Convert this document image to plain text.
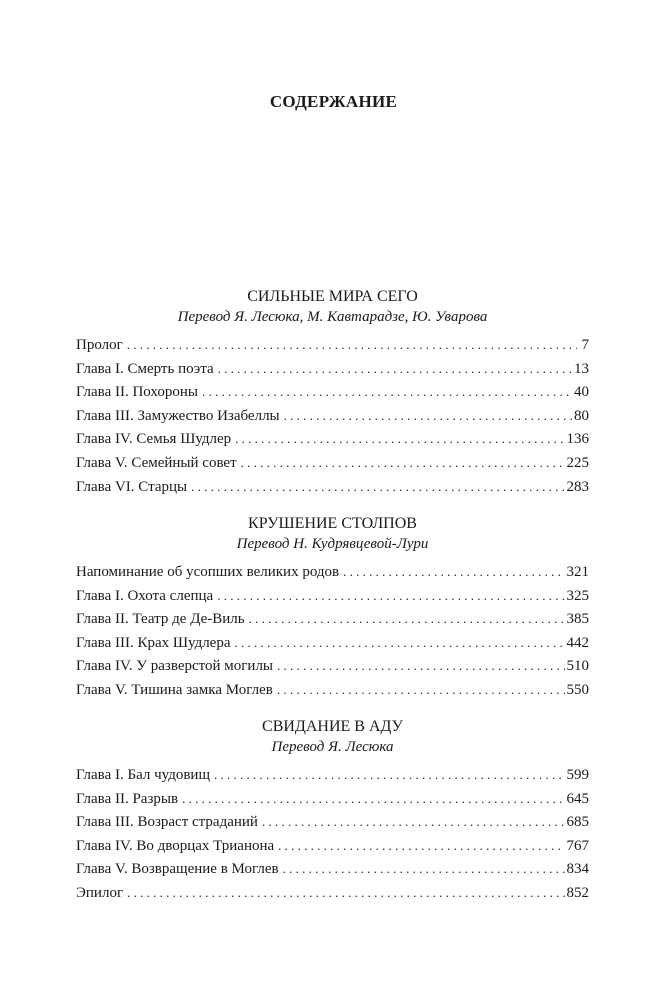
СОДЕРЖАНИЕ
СИЛЬНЫЕ МИРА СЕГО
Перевод Я. Лесюка, М. Кавтарадзе, Ю. Уварова
Пролог . . .	7
Глава I. Смерть поэта . . .	13
Глава II. Похороны . . .	40
Глава III. Замужество Изабеллы . . .	80
Глава IV. Семья Шудлер . . .	136
Глава V. Семейный совет . . .	225
Глава VI. Старцы . . .	283
КРУШЕНИЕ СТОЛПОВ
Перевод Н. Кудрявцевой-Лури
Напоминание об усопших великих родов . . .	321
Глава I. Охота слепца . . .	325
Глава II. Театр де Де-Виль . . .	385
Глава III. Крах Шудлера . . .	442
Глава IV. У разверстой могилы . . .	510
Глава V. Тишина замка Моглев . . .	550
СВИДАНИЕ В АДУ
Перевод Я. Лесюка
Глава I. Бал чудовищ . . .	599
Глава II. Разрыв . . .	645
Глава III. Возраст страданий . . .	685
Глава IV. Во дворцах Трианона . . .	767
Глава V. Возвращение в Моглев . . .	834
Эпилог . . .	852
